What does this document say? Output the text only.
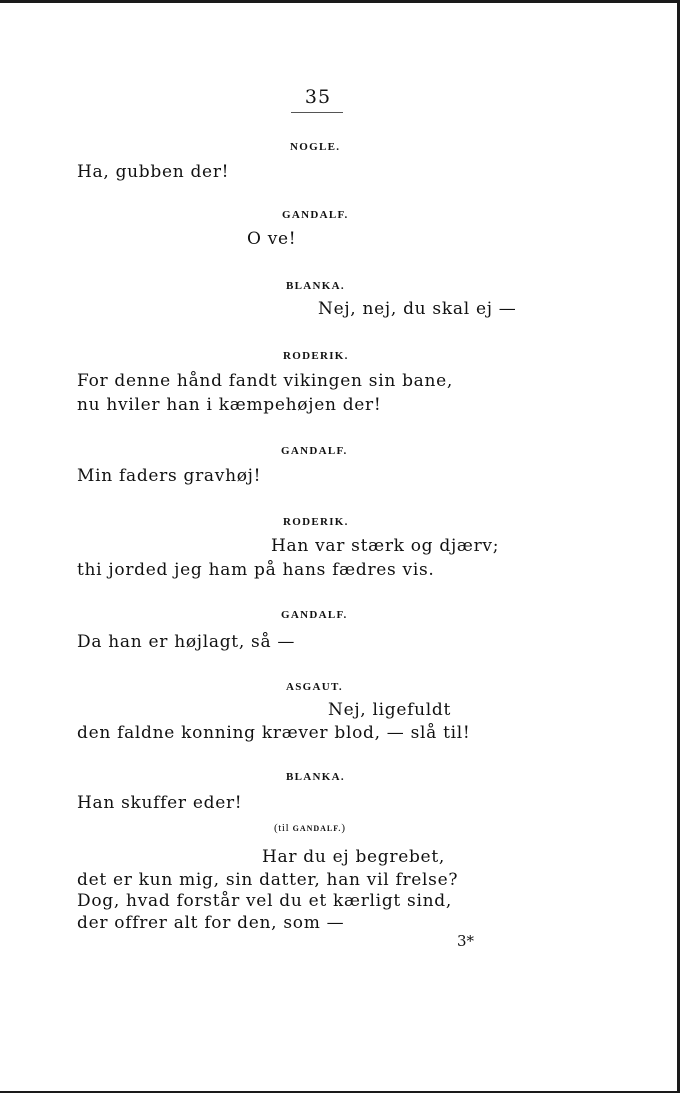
35
NOGLE.
Ha, gubben der!
GANDALF.
O ve!
BLANKA.
Nej, nej, du skal ej —
RODERIK.
For denne hånd fandt vikingen sin bane,
nu hviler han i kæmpehøjen der!
GANDALF.
Min faders gravhøj!
RODERIK.
Han var stærk og djærv;
thi jorded jeg ham på hans fædres vis.
GANDALF.
Da han er højlagt, så —
ASGAUT.
Nej, ligefuldt
den faldne konning kræver blod, — slå til!
BLANKA.
Han skuffer eder!
(til GANDALF.)
Har du ej begrebet,
det er kun mig, sin datter, han vil frelse?
Dog, hvad forstår vel du et kærligt sind,
der offrer alt for den, som —
3*
